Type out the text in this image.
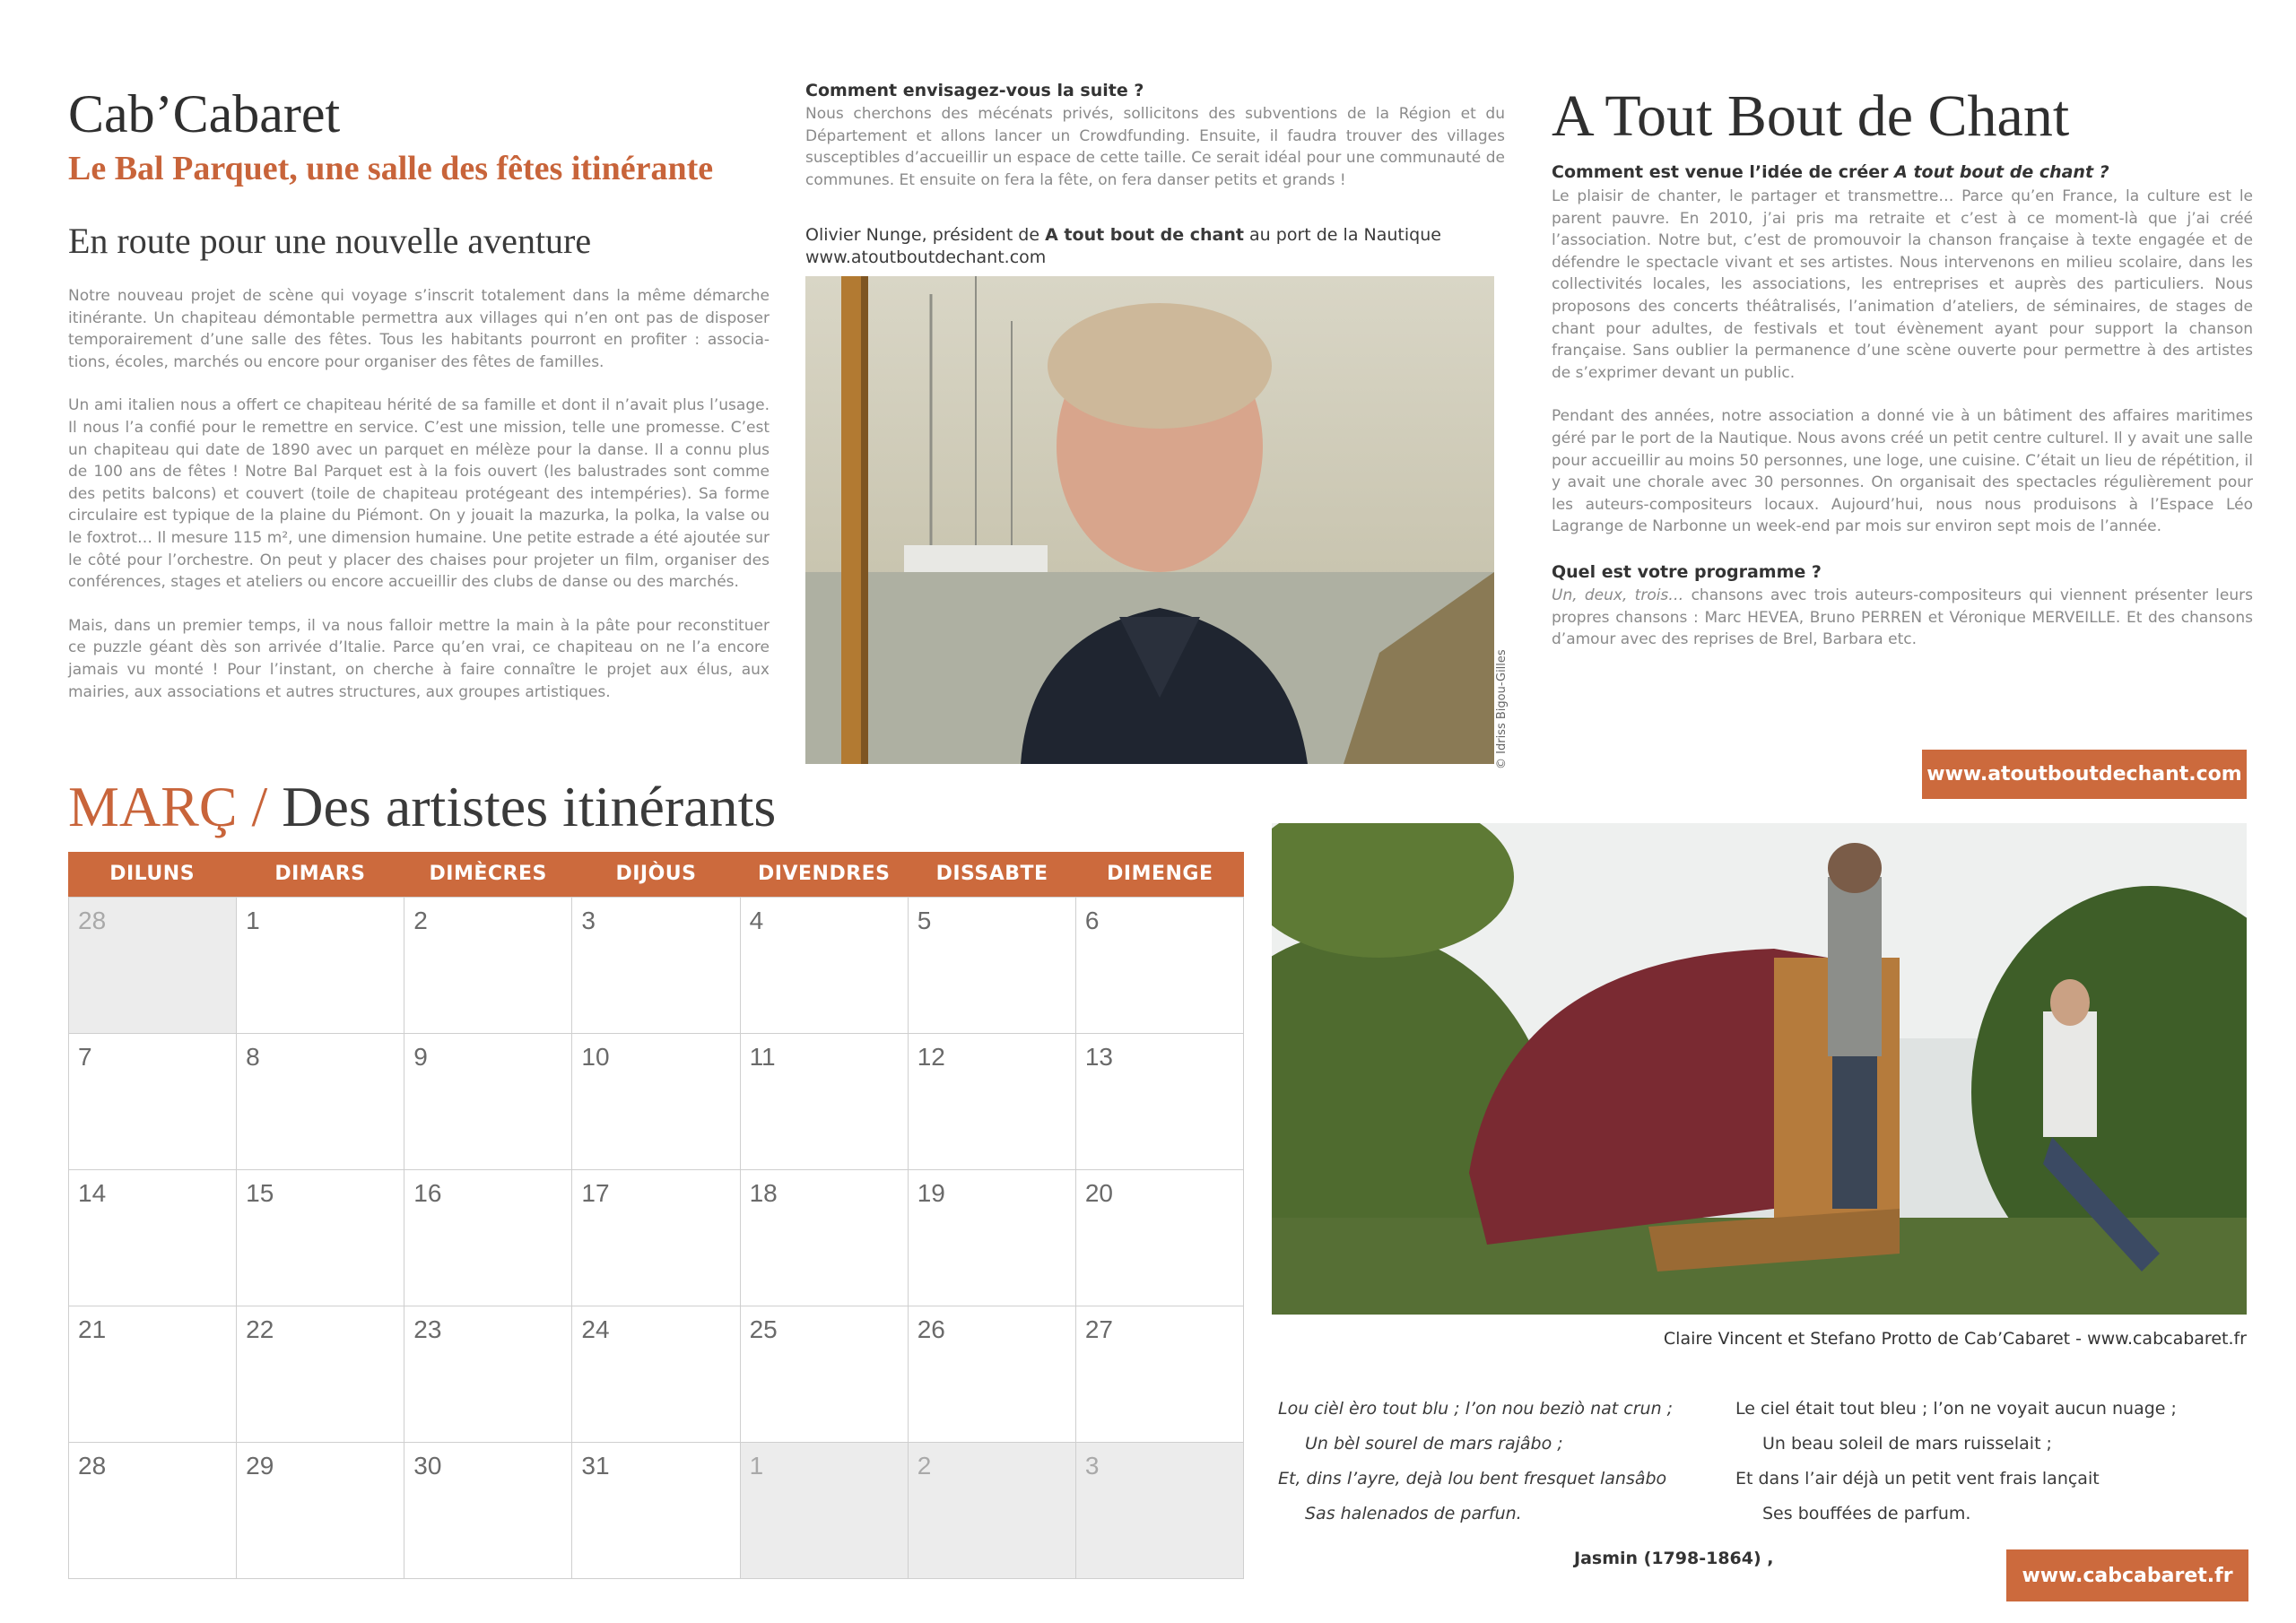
Cab’Cabaret
Le Bal Parquet, une salle des fêtes itinérante
En route pour une nouvelle aventure

Notre nouveau projet de scène qui voyage s’inscrit totalement dans la même démarche itinérante. Un chapiteau démontable permettra aux villages qui n’en ont pas de disposer temporairement d’une salle des fêtes. Tous les habitants pourront en profiter : associa-tions, écoles, marchés ou encore pour organiser des fêtes de familles.

Un ami italien nous a offert ce chapiteau hérité de sa famille et dont il n’avait plus l’usage. Il nous l’a confié pour le remettre en service. C’est une mission, telle une promesse. C’est un chapiteau qui date de 1890 avec un parquet en mélèze pour la danse. Il a connu plus de 100 ans de fêtes ! Notre Bal Parquet est à la fois ouvert (les balustrades sont comme des petits balcons) et couvert (toile de chapiteau protégeant des intempéries). Sa forme circulaire est typique de la plaine du Piémont. On y jouait la mazurka, la polka, la valse ou le foxtrot… Il mesure 115 m², une dimension humaine. Une petite estrade a été ajoutée sur le côté pour l’orchestre. On peut y placer des chaises pour projeter un film, organiser des conférences, stages et ateliers ou encore accueillir des clubs de danse ou des marchés.

Mais, dans un premier temps, il va nous falloir mettre la main à la pâte pour reconstituer ce puzzle géant dès son arrivée d’Italie. Parce qu’en vrai, ce chapiteau on ne l’a encore jamais vu monté ! Pour l’instant, on cherche à faire connaître le projet aux élus, aux mairies, aux associations et autres structures, aux groupes artistiques.

Comment envisagez-vous la suite ?

Nous cherchons des mécénats privés, sollicitons des subventions de la Région et du Département et allons lancer un Crowdfunding. Ensuite, il faudra trouver des villages susceptibles d’accueillir un espace de cette taille. Ce serait idéal pour une communauté de communes. Et ensuite on fera la fête, on fera danser petits et grands !

Olivier Nunge, président de A tout bout de chant au port de la Nautique
www.atoutboutdechant.com
© Idriss Bigou-Gilles
A Tout Bout de Chant
Comment est venue l’idée de créer A tout bout de chant ?

Le plaisir de chanter, le partager et transmettre… Parce qu’en France, la culture est le parent pauvre. En 2010, j’ai pris ma retraite et c’est à ce moment-là que j’ai créé l’association. Notre but, c’est de promouvoir la chanson française à texte engagée et de défendre le spectacle vivant et ses artistes. Nous intervenons en milieu scolaire, dans les collectivités locales, les associations, les entreprises et auprès des particuliers. Nous proposons des concerts théâtralisés, l’animation d’ateliers, de séminaires, de stages de chant pour adultes, de festivals et tout évènement ayant pour support la chanson française. Sans oublier la permanence d’une scène ouverte pour permettre à des artistes de s’exprimer devant un public.

Pendant des années, notre association a donné vie à un bâtiment des affaires maritimes géré par le port de la Nautique. Nous avons créé un petit centre culturel. Il y avait une salle pour accueillir au moins 50 personnes, une loge, une cuisine. C’était un lieu de répétition, il y avait une chorale avec 30 personnes. On organisait des spectacles régulièrement pour les auteurs-compositeurs locaux. Aujourd’hui, nous nous produisons à l’Espace Léo Lagrange de Narbonne un week-end par mois sur environ sept mois de l’année.

Quel est votre programme ?

Un, deux, trois… chansons avec trois auteurs-compositeurs qui viennent présenter leurs propres chansons : Marc HEVEA, Bruno PERREN et Véronique MERVEILLE. Et des chansons d’amour avec des reprises de Brel, Barbara etc.

www.atoutboutdechant.com
MARÇ / Des artistes itinérants
DILUNS	DIMARS	DIMÈCRES	DIJÒUS	DIVENDRES	DISSABTE	DIMENGE
28	1	2	3	4	5	6
7	8	9	10	11	12	13
14	15	16	17	18	19	20
21	22	23	24	25	26	27
28	29	30	31	1	2	3
Claire Vincent et Stefano Protto de Cab’Cabaret - www.cabcabaret.fr
Lou cièl èro tout blu ; l’on nou beziò nat crun ;
Un bèl sourel de mars rajâbo ;
Et, dins l’ayre, dejà lou bent fresquet lansâbo
Sas halenados de parfun.
Le ciel était tout bleu ; l’on ne voyait aucun nuage ;
Un beau soleil de mars ruisselait ;
Et dans l’air déjà un petit vent frais lançait
Ses bouffées de parfum.
Jasmin (1798-1864) ,
www.cabcabaret.fr
